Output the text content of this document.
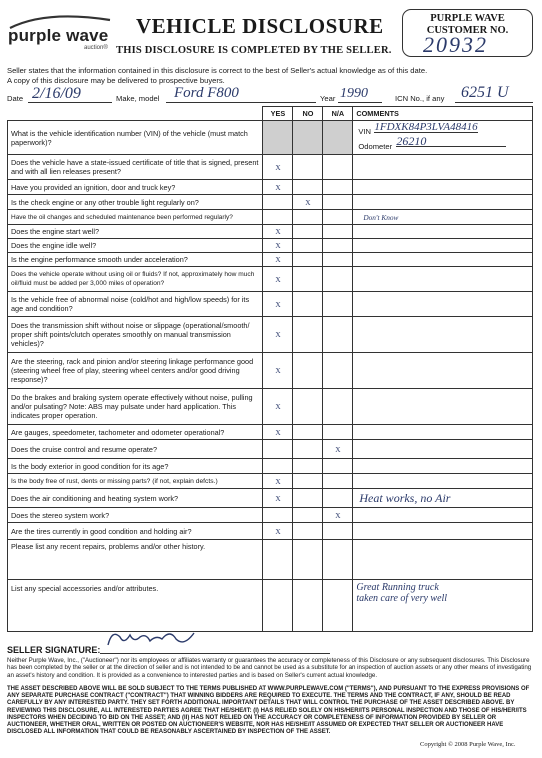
purple wave
auction®
VEHICLE DISCLOSURE
THIS DISCLOSURE IS COMPLETED BY THE SELLER.
PURPLE WAVE
CUSTOMER NO.
20932
Seller states that the information contained in this disclosure is correct to the best of Seller's actual knowledge as of this date.
A copy of this disclosure may be delivered to prospective buyers.
Date 2/16/09	Make, model Ford F800	Year 1990	ICN No., if any 6251 U
	YES	NO	N/A	COMMENTS
What is the vehicle identification number (VIN) of the vehicle (must match paperwork)?				VIN 1FDXK84P3LVA48416
Odometer 26210

Does the vehicle have a state-issued certificate of title that is signed, present and with all lien releases present?	X			
Have you provided an ignition, door and truck key?	X			
Is the check engine or any other trouble light regularly on?		X		
Have the oil changes and scheduled maintenance been performed regularly?				Don't Know
Does the engine start well?	X			
Does the engine idle well?	X			
Is the engine performance smooth under acceleration?	X			
Does the vehicle operate without using oil or fluids? If not, approximately how much oil/fluid must be added per 3,000 miles of operation?	X			
Is the vehicle free of abnormal noise (cold/hot and high/low speeds) for its age and condition?	X			
Does the transmission shift without noise or slippage (operational/smooth/ proper shift points/clutch operates smoothly on manual transmission vehicles)?	X			
Are the steering, rack and pinion and/or steering linkage performance good (steering wheel free of play, steering wheel centers and/or good driving response)?	X			
Do the brakes and braking system operate effectively without noise, pulling and/or pulsating? Note: ABS may pulsate under hard application. This indicates proper operation.	X			
Are gauges, speedometer, tachometer and odometer operational?	X			
Does the cruise control and resume operate?			X	
Is the body exterior in good condition for its age?				
Is the body free of rust, dents or missing parts? (if not, explain defcts.)	X			
Does the air conditioning and heating system work?	X			Heat works, no Air
Does the stereo system work?			X	
Are the tires currently in good condition and holding air?	X			
Please list any recent repairs, problems and/or other history.				
List any special accessories and/or attributes.				Great Running truck
taken care of very well
SELLER SIGNATURE:
Neither Purple Wave, Inc., ("Auctioneer") nor its employees or affiliates warranty or guarantees the accuracy or completeness of this Disclosure or any subsequent disclosures. This Disclosure has been completed by the seller or at the direction of seller and is not intended to be and cannot be used as a substitute for an inspection of auction assets or any other means of investigating an asset's history and condition. It is provided as a convenience to interested parties and is based on Seller's current actual knowledge.
THE ASSET DESCRIBED ABOVE WILL BE SOLD SUBJECT TO THE TERMS PUBLISHED AT WWW.PURPLEWAVE.COM ("TERMS"), AND PURSUANT TO THE EXPRESS PROVISIONS OF ANY SEPARATE PURCHASE CONTRACT ("CONTRACT") THAT WINNING BIDDERS ARE REQUIRED TO EXECUTE. THE TERMS AND THE CONTRACT, IF ANY, SHOULD BE READ CAREFULLY BY ANY INTERESTED PARTY. THEY SET FORTH ADDITIONAL IMPORTANT DETAILS THAT WILL CONTROL THE PURCHASE OF THE ASSET DESCRIBED ABOVE. BY REVIEWING THIS DISCLOSURE, ALL INTERESTED PARTIES AGREE THAT HE/SHE/IT: (I) HAS RELIED SOLELY ON HIS/HER/ITS PERSONAL INSPECTION AND THOSE OF HIS/HER/ITS INSPECTORS WHEN DECIDING TO BID ON THE ASSET; AND (II) HAS NOT RELIED ON THE ACCURACY OR COMPLETENESS OF INFORMATION PROVIDED BY SELLER OR AUCTIONEER, WHETHER ORAL, WRITTEN OR POSTED ON AUCTIONEER'S WEBSITE, NOR HAS HE/SHE/IT ASSUMED OR EXPECTED THAT SELLER OR AUCTIONEER HAVE DISCLOSED ALL INFORMATION THAT COULD BE REASONABLY ASCERTAINED BY INSPECTION OF THE ASSET.
Copyright © 2008 Purple Wave, Inc.
